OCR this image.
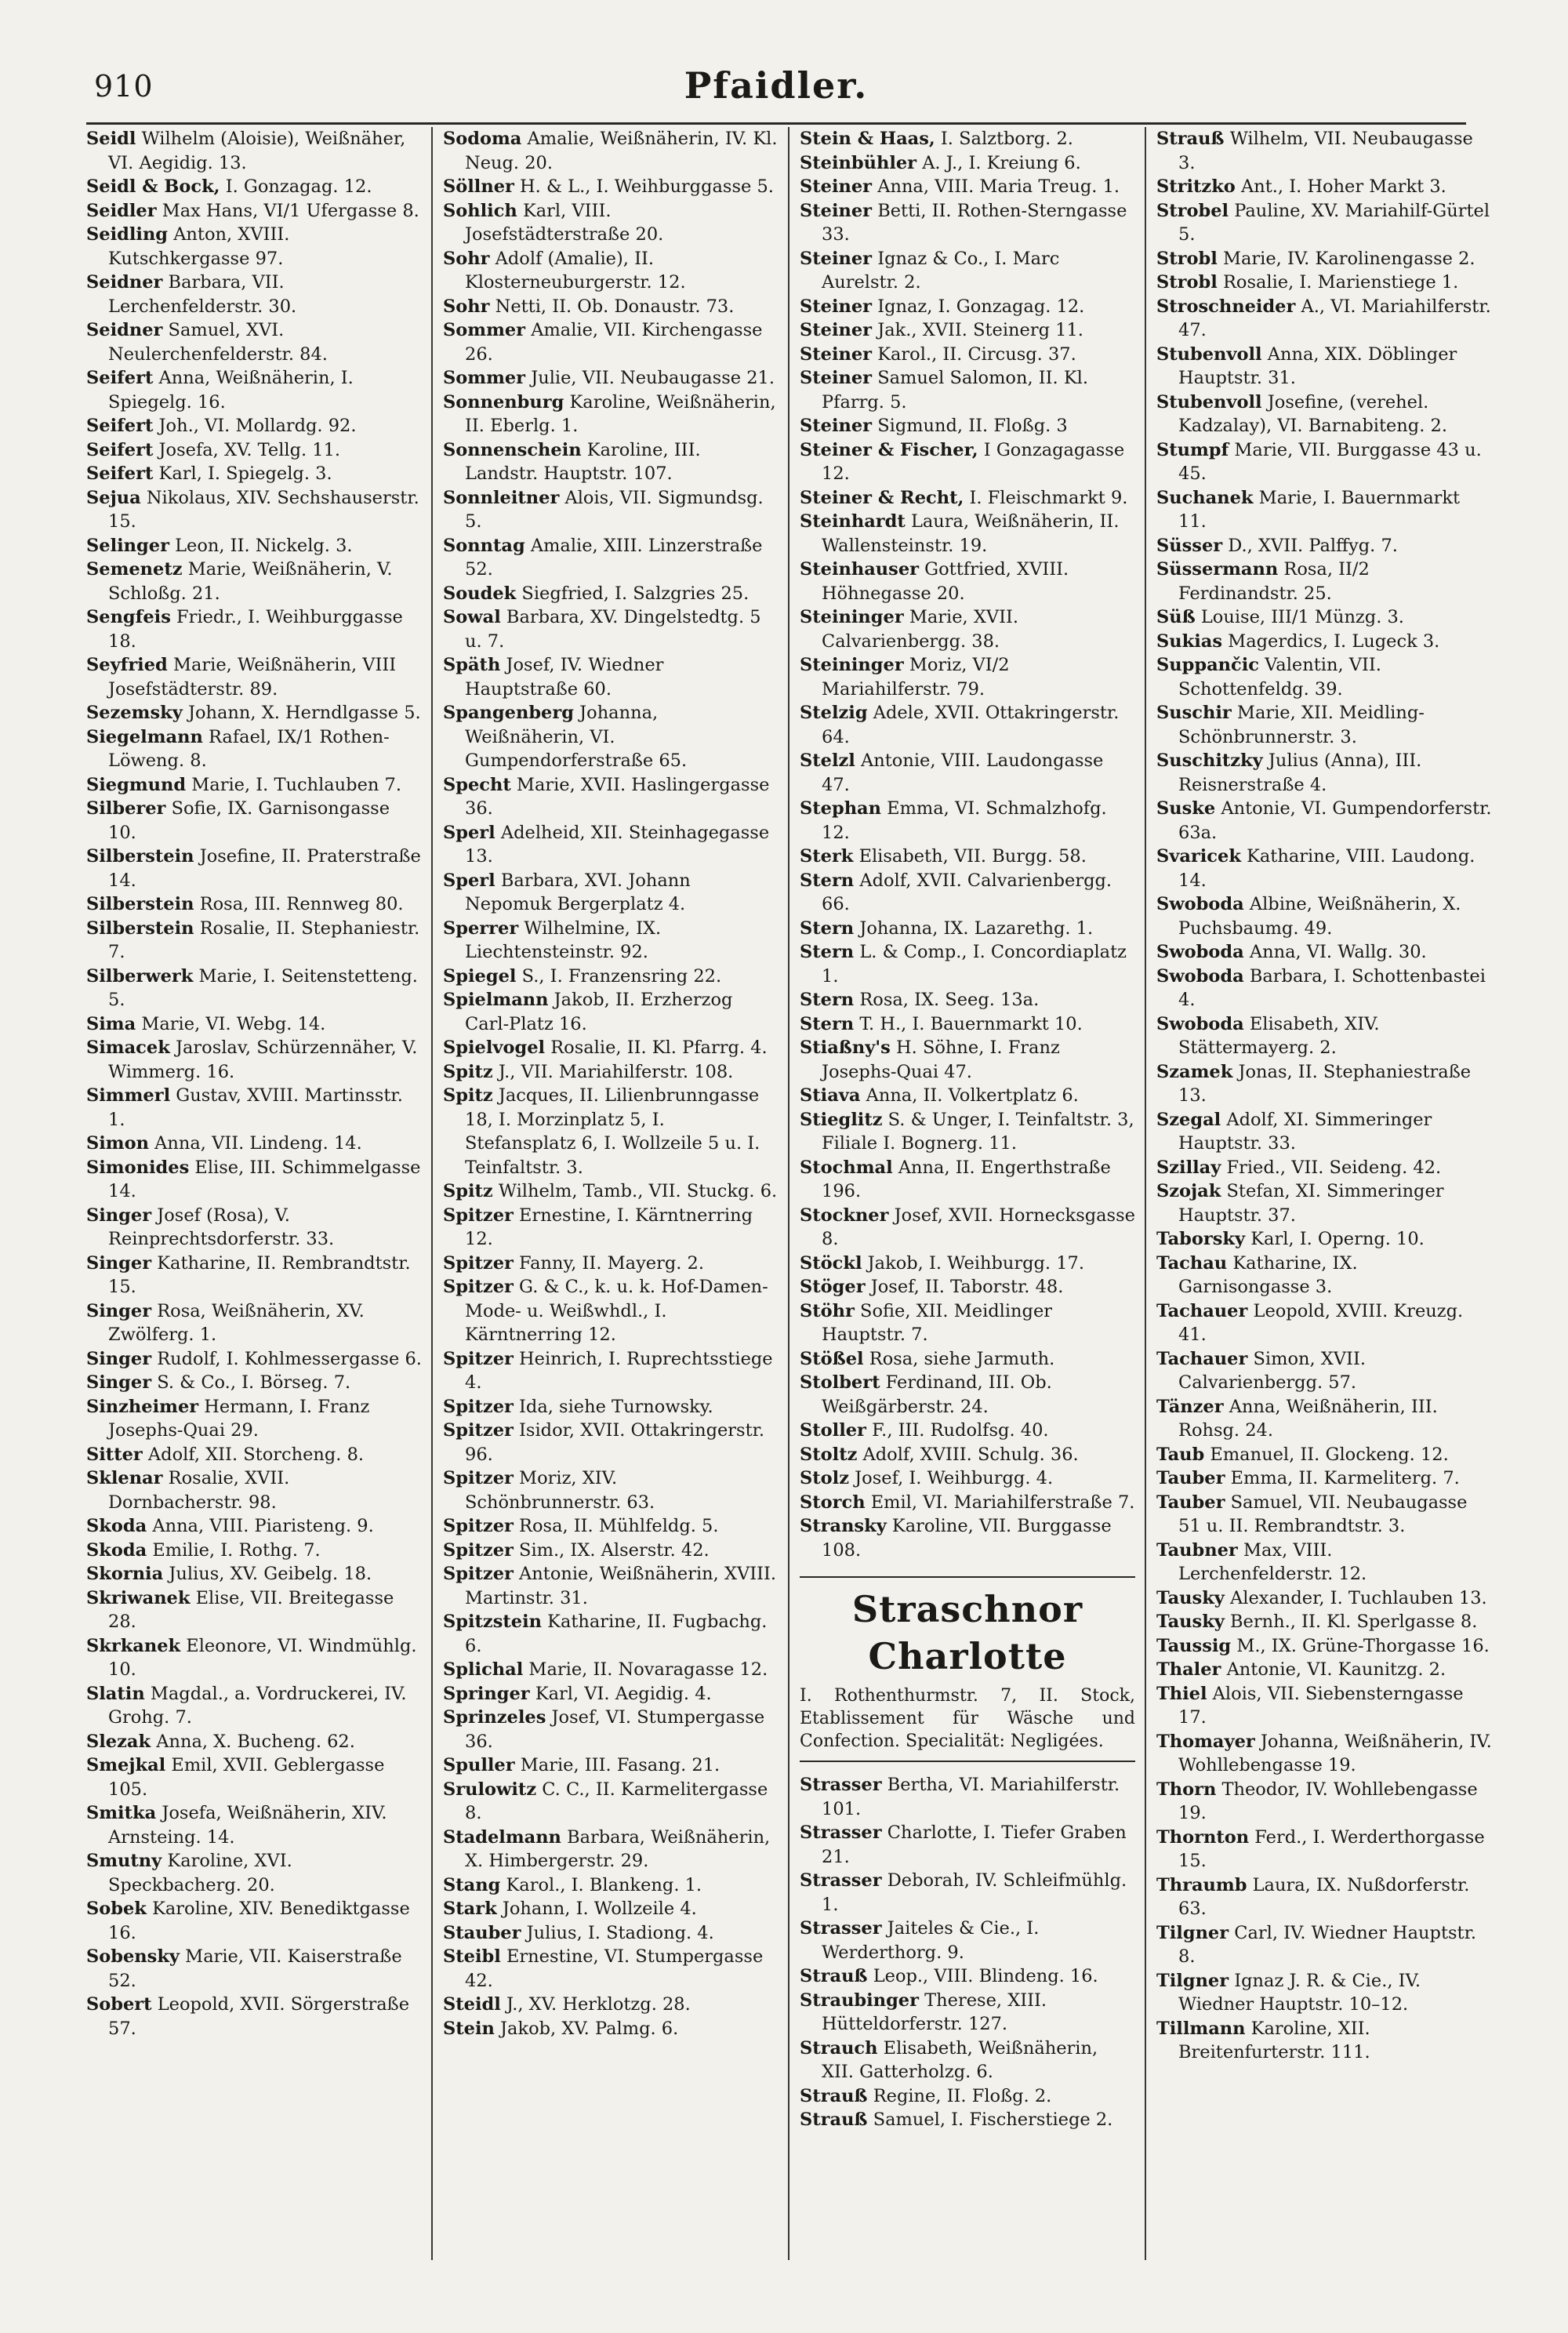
910	Pfaidler.

Seidl Wilhelm (Aloisie), Weißnäher, VI. Aegidig. 13.

Seidl & Bock, I. Gonzagag. 12.

Seidler Max Hans, VI/1 Ufergasse 8.

Seidling Anton, XVIII. Kutschkergasse 97.

Seidner Barbara, VII. Lerchenfelderstr. 30.

Seidner Samuel, XVI. Neulerchenfelderstr. 84.

Seifert Anna, Weißnäherin, I. Spiegelg. 16.

Seifert Joh., VI. Mollardg. 92.

Seifert Josefa, XV. Tellg. 11.

Seifert Karl, I. Spiegelg. 3.

Sejua Nikolaus, XIV. Sechshauserstr. 15.

Selinger Leon, II. Nickelg. 3.

Semenetz Marie, Weißnäherin, V. Schloßg. 21.

Sengfeis Friedr., I. Weihburggasse 18.

Seyfried Marie, Weißnäherin, VIII Josefstädterstr. 89.

Sezemsky Johann, X. Herndlgasse 5.

Siegelmann Rafael, IX/1 Rothen-Löweng. 8.

Siegmund Marie, I. Tuchlauben 7.

Silberer Sofie, IX. Garnisongasse 10.

Silberstein Josefine, II. Praterstraße 14.

Silberstein Rosa, III. Rennweg 80.

Silberstein Rosalie, II. Stephaniestr. 7.

Silberwerk Marie, I. Seitenstetteng. 5.

Sima Marie, VI. Webg. 14.

Simacek Jaroslav, Schürzennäher, V. Wimmerg. 16.

Simmerl Gustav, XVIII. Martinsstr. 1.

Simon Anna, VII. Lindeng. 14.

Simonides Elise, III. Schimmelgasse 14.

Singer Josef (Rosa), V. Reinprechtsdorferstr. 33.

Singer Katharine, II. Rembrandtstr. 15.

Singer Rosa, Weißnäherin, XV. Zwölferg. 1.

Singer Rudolf, I. Kohlmessergasse 6.

Singer S. & Co., I. Börseg. 7.

Sinzheimer Hermann, I. Franz Josephs-Quai 29.

Sitter Adolf, XII. Storcheng. 8.

Sklenar Rosalie, XVII. Dornbacherstr. 98.

Skoda Anna, VIII. Piaristeng. 9.

Skoda Emilie, I. Rothg. 7.

Skornia Julius, XV. Geibelg. 18.

Skriwanek Elise, VII. Breitegasse 28.

Skrkanek Eleonore, VI. Windmühlg. 10.

Slatin Magdal., a. Vordruckerei, IV. Grohg. 7.

Slezak Anna, X. Bucheng. 62.

Smejkal Emil, XVII. Geblergasse 105.

Smitka Josefa, Weißnäherin, XIV. Arnsteing. 14.

Smutny Karoline, XVI. Speckbacherg. 20.

Sobek Karoline, XIV. Benediktgasse 16.

Sobensky Marie, VII. Kaiserstraße 52.

Sobert Leopold, XVII. Sörgerstraße 57.

Sodoma Amalie, Weißnäherin, IV. Kl. Neug. 20.

Söllner H. & L., I. Weihburggasse 5.

Sohlich Karl, VIII. Josefstädterstraße 20.

Sohr Adolf (Amalie), II. Klosterneuburgerstr. 12.

Sohr Netti, II. Ob. Donaustr. 73.

Sommer Amalie, VII. Kirchengasse 26.

Sommer Julie, VII. Neubaugasse 21.

Sonnenburg Karoline, Weißnäherin, II. Eberlg. 1.

Sonnenschein Karoline, III. Landstr. Hauptstr. 107.

Sonnleitner Alois, VII. Sigmundsg. 5.

Sonntag Amalie, XIII. Linzerstraße 52.

Soudek Siegfried, I. Salzgries 25.

Sowal Barbara, XV. Dingelstedtg. 5 u. 7.

Späth Josef, IV. Wiedner Hauptstraße 60.

Spangenberg Johanna, Weißnäherin, VI. Gumpendorferstraße 65.

Specht Marie, XVII. Haslingergasse 36.

Sperl Adelheid, XII. Steinhagegasse 13.

Sperl Barbara, XVI. Johann Nepomuk Bergerplatz 4.

Sperrer Wilhelmine, IX. Liechtensteinstr. 92.

Spiegel S., I. Franzensring 22.

Spielmann Jakob, II. Erzherzog Carl-Platz 16.

Spielvogel Rosalie, II. Kl. Pfarrg. 4.

Spitz J., VII. Mariahilferstr. 108.

Spitz Jacques, II. Lilienbrunngasse 18, I. Morzinplatz 5, I. Stefansplatz 6, I. Wollzeile 5 u. I. Teinfaltstr. 3.

Spitz Wilhelm, Tamb., VII. Stuckg. 6.

Spitzer Ernestine, I. Kärntnerring 12.

Spitzer Fanny, II. Mayerg. 2.

Spitzer G. & C., k. u. k. Hof-Damen-Mode- u. Weißwhdl., I. Kärntnerring 12.

Spitzer Heinrich, I. Ruprechtsstiege 4.

Spitzer Ida, siehe Turnowsky.

Spitzer Isidor, XVII. Ottakringerstr. 96.

Spitzer Moriz, XIV. Schönbrunnerstr. 63.

Spitzer Rosa, II. Mühlfeldg. 5.

Spitzer Sim., IX. Alserstr. 42.

Spitzer Antonie, Weißnäherin, XVIII. Martinstr. 31.

Spitzstein Katharine, II. Fugbachg. 6.

Splichal Marie, II. Novaragasse 12.

Springer Karl, VI. Aegidig. 4.

Sprinzeles Josef, VI. Stumpergasse 36.

Spuller Marie, III. Fasang. 21.

Srulowitz C. C., II. Karmelitergasse 8.

Stadelmann Barbara, Weißnäherin, X. Himbergerstr. 29.

Stang Karol., I. Blankeng. 1.

Stark Johann, I. Wollzeile 4.

Stauber Julius, I. Stadiong. 4.

Steibl Ernestine, VI. Stumpergasse 42.

Steidl J., XV. Herklotzg. 28.

Stein Jakob, XV. Palmg. 6.

Stein & Haas, I. Salztborg. 2.

Steinbühler A. J., I. Kreiung 6.

Steiner Anna, VIII. Maria Treug. 1.

Steiner Betti, II. Rothen-Sterngasse 33.

Steiner Ignaz & Co., I. Marc Aurelstr. 2.

Steiner Ignaz, I. Gonzagag. 12.

Steiner Jak., XVII. Steinerg 11.

Steiner Karol., II. Circusg. 37.

Steiner Samuel Salomon, II. Kl. Pfarrg. 5.

Steiner Sigmund, II. Floßg. 3

Steiner & Fischer, I Gonzagagasse 12.

Steiner & Recht, I. Fleischmarkt 9.

Steinhardt Laura, Weißnäherin, II. Wallensteinstr. 19.

Steinhauser Gottfried, XVIII. Höhnegasse 20.

Steininger Marie, XVII. Calvarienbergg. 38.

Steininger Moriz, VI/2 Mariahilferstr. 79.

Stelzig Adele, XVII. Ottakringerstr. 64.

Stelzl Antonie, VIII. Laudongasse 47.

Stephan Emma, VI. Schmalzhofg. 12.

Sterk Elisabeth, VII. Burgg. 58.

Stern Adolf, XVII. Calvarienbergg. 66.

Stern Johanna, IX. Lazarethg. 1.

Stern L. & Comp., I. Concordiaplatz 1.

Stern Rosa, IX. Seeg. 13a.

Stern T. H., I. Bauernmarkt 10.

Stiaßny's H. Söhne, I. Franz Josephs-Quai 47.

Stiava Anna, II. Volkertplatz 6.

Stieglitz S. & Unger, I. Teinfaltstr. 3, Filiale I. Bognerg. 11.

Stochmal Anna, II. Engerthstraße 196.

Stockner Josef, XVII. Hornecksgasse 8.

Stöckl Jakob, I. Weihburgg. 17.

Stöger Josef, II. Taborstr. 48.

Stöhr Sofie, XII. Meidlinger Hauptstr. 7.

Stößel Rosa, siehe Jarmuth.

Stolbert Ferdinand, III. Ob. Weißgärberstr. 24.

Stoller F., III. Rudolfsg. 40.

Stoltz Adolf, XVIII. Schulg. 36.

Stolz Josef, I. Weihburgg. 4.

Storch Emil, VI. Mariahilferstraße 7.

Stransky Karoline, VII. Burggasse 108.

Straschnor Charlotte
I. Rothenthurmstr. 7, II. Stock, Etablissement für Wäsche und Confection. Specialität: Negligées.

Strasser Bertha, VI. Mariahilferstr. 101.

Strasser Charlotte, I. Tiefer Graben 21.

Strasser Deborah, IV. Schleifmühlg. 1.

Strasser Jaiteles & Cie., I. Werderthorg. 9.

Strauß Leop., VIII. Blindeng. 16.

Straubinger Therese, XIII. Hütteldorferstr. 127.

Strauch Elisabeth, Weißnäherin, XII. Gatterholzg. 6.

Strauß Regine, II. Floßg. 2.

Strauß Samuel, I. Fischerstiege 2.

Strauß Wilhelm, VII. Neubaugasse 3.

Stritzko Ant., I. Hoher Markt 3.

Strobel Pauline, XV. Mariahilf-Gürtel 5.

Strobl Marie, IV. Karolinengasse 2.

Strobl Rosalie, I. Marienstiege 1.

Stroschneider A., VI. Mariahilferstr. 47.

Stubenvoll Anna, XIX. Döblinger Hauptstr. 31.

Stubenvoll Josefine, (verehel. Kadzalay), VI. Barnabiteng. 2.

Stumpf Marie, VII. Burggasse 43 u. 45.

Suchanek Marie, I. Bauernmarkt 11.

Süsser D., XVII. Palffyg. 7.

Süssermann Rosa, II/2 Ferdinandstr. 25.

Süß Louise, III/1 Münzg. 3.

Sukias Magerdics, I. Lugeck 3.

Suppančic Valentin, VII. Schottenfeldg. 39.

Suschir Marie, XII. Meidling-Schönbrunnerstr. 3.

Suschitzky Julius (Anna), III. Reisnerstraße 4.

Suske Antonie, VI. Gumpendorferstr. 63a.

Svaricek Katharine, VIII. Laudong. 14.

Swoboda Albine, Weißnäherin, X. Puchsbaumg. 49.

Swoboda Anna, VI. Wallg. 30.

Swoboda Barbara, I. Schottenbastei 4.

Swoboda Elisabeth, XIV. Stättermayerg. 2.

Szamek Jonas, II. Stephaniestraße 13.

Szegal Adolf, XI. Simmeringer Hauptstr. 33.

Szillay Fried., VII. Seideng. 42.

Szojak Stefan, XI. Simmeringer Hauptstr. 37.

Taborsky Karl, I. Operng. 10.

Tachau Katharine, IX. Garnisongasse 3.

Tachauer Leopold, XVIII. Kreuzg. 41.

Tachauer Simon, XVII. Calvarienbergg. 57.

Tänzer Anna, Weißnäherin, III. Rohsg. 24.

Taub Emanuel, II. Glockeng. 12.

Tauber Emma, II. Karmeliterg. 7.

Tauber Samuel, VII. Neubaugasse 51 u. II. Rembrandtstr. 3.

Taubner Max, VIII. Lerchenfelderstr. 12.

Tausky Alexander, I. Tuchlauben 13.

Tausky Bernh., II. Kl. Sperlgasse 8.

Taussig M., IX. Grüne-Thorgasse 16.

Thaler Antonie, VI. Kaunitzg. 2.

Thiel Alois, VII. Siebensterngasse 17.

Thomayer Johanna, Weißnäherin, IV. Wohllebengasse 19.

Thorn Theodor, IV. Wohllebengasse 19.

Thornton Ferd., I. Werderthorgasse 15.

Thraumb Laura, IX. Nußdorferstr. 63.

Tilgner Carl, IV. Wiedner Hauptstr. 8.

Tilgner Ignaz J. R. & Cie., IV. Wiedner Hauptstr. 10–12.

Tillmann Karoline, XII. Breitenfurterstr. 111.
